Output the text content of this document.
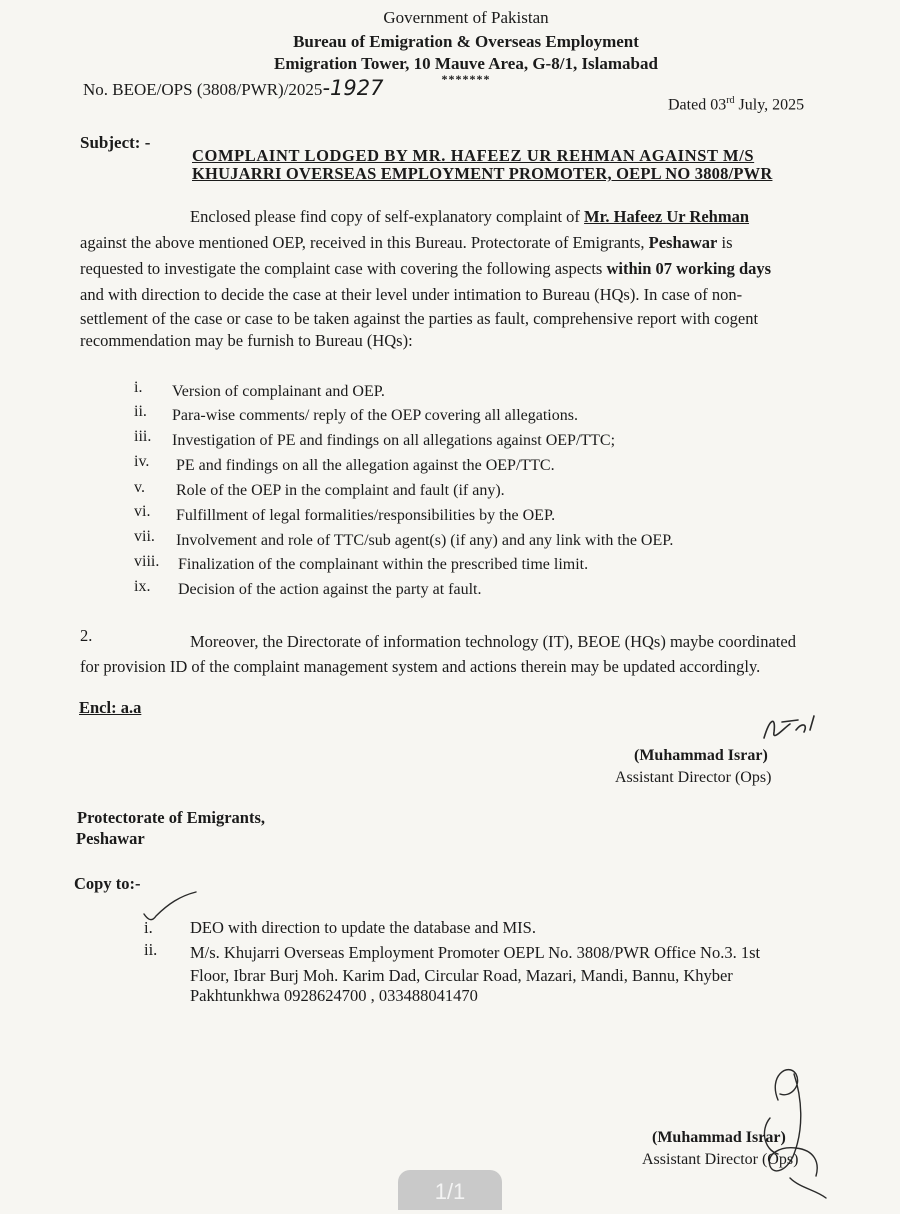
Government of Pakistan
Bureau of Emigration & Overseas Employment
Emigration Tower, 10 Mauve Area, G-8/1, Islamabad
*******
No. BEOE/OPS (3808/PWR)/2025-1927
Dated 03rd July, 2025
Subject: -
COMPLAINT LODGED BY MR. HAFEEZ UR REHMAN AGAINST M/S
KHUJARRI OVERSEAS EMPLOYMENT PROMOTER, OEPL NO 3808/PWR
Enclosed please find copy of self-explanatory complaint of Mr. Hafeez Ur Rehman
against the above mentioned OEP, received in this Bureau. Protectorate of Emigrants, Peshawar is
requested to investigate the complaint case with covering the following aspects within 07 working days
and with direction to decide the case at their level under intimation to Bureau (HQs). In case of non-
settlement of the case or case to be taken against the parties as fault, comprehensive report with cogent
recommendation may be furnish to Bureau (HQs):
i. Version of complainant and OEP.
ii. Para-wise comments/ reply of the OEP covering all allegations.
iii. Investigation of PE and findings on all allegations against OEP/TTC;
iv. PE and findings on all the allegation against the OEP/TTC.
v. Role of the OEP in the complaint and fault (if any).
vi. Fulfillment of legal formalities/responsibilities by the OEP.
vii. Involvement and role of TTC/sub agent(s) (if any) and any link with the OEP.
viii. Finalization of the complainant within the prescribed time limit.
ix. Decision of the action against the party at fault.
2.	Moreover, the Directorate of information technology (IT), BEOE (HQs) maybe coordinated
for provision ID of the complaint management system and actions therein may be updated accordingly.
Encl: a.a
(Muhammad Israr)
Assistant Director (Ops)
Protectorate of Emigrants,
Peshawar
Copy to:-
i. DEO with direction to update the database and MIS.
ii. M/s. Khujarri Overseas Employment Promoter OEPL No. 3808/PWR Office No.3. 1st
Floor, Ibrar Burj Moh. Karim Dad, Circular Road, Mazari, Mandi, Bannu, Khyber
Pakhtunkhwa 0928624700 , 033488041470
(Muhammad Israr)
Assistant Director (Ops)
1/1
